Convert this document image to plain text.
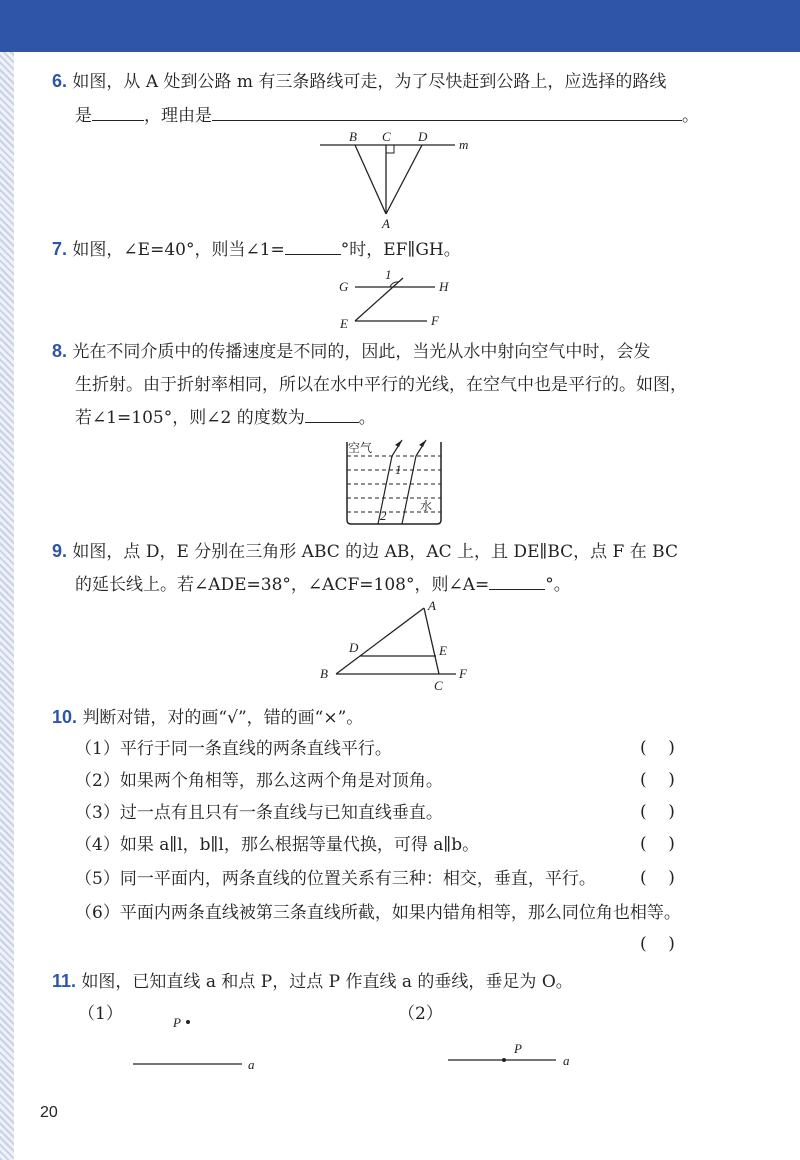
6. 如图，从 A 处到公路 m 有三条路线可走，为了尽快赶到公路上，应选择的路线
是	，理由是	。
B C D
m
A
7. 如图，∠E=40°，则当∠1=	°时，EF∥GH。
1
G	H
E	F
8. 光在不同介质中的传播速度是不同的，因此，当光从水中射向空气中时，会发
生折射。由于折射率相同，所以在水中平行的光线，在空气中也是平行的。如图，
若∠1=105°，则∠2 的度数为	。
空气
水
1
2
9. 如图，点 D，E 分别在三角形 ABC 的边 AB，AC 上，且 DE∥BC，点 F 在 BC
的延长线上。若∠ADE=38°，∠ACF=108°，则∠A=	°。
A
B
C
D	E
F
10. 判断对错，对的画“√”，错的画“×”。
（1）平行于同一条直线的两条直线平行。	(    )
（2）如果两个角相等，那么这两个角是对顶角。	(    )
（3）过一点有且只有一条直线与已知直线垂直。	(    )
（4）如果 a∥l，b∥l，那么根据等量代换，可得 a∥b。	(    )
（5）同一平面内，两条直线的位置关系有三种：相交，垂直，平行。	(    )
（6）平面内两条直线被第三条直线所截，如果内错角相等，那么同位角也相等。
(    )
11. 如图，已知直线 a 和点 P，过点 P 作直线 a 的垂线，垂足为 O。
（1）	（2）
P
a
P
a
20
